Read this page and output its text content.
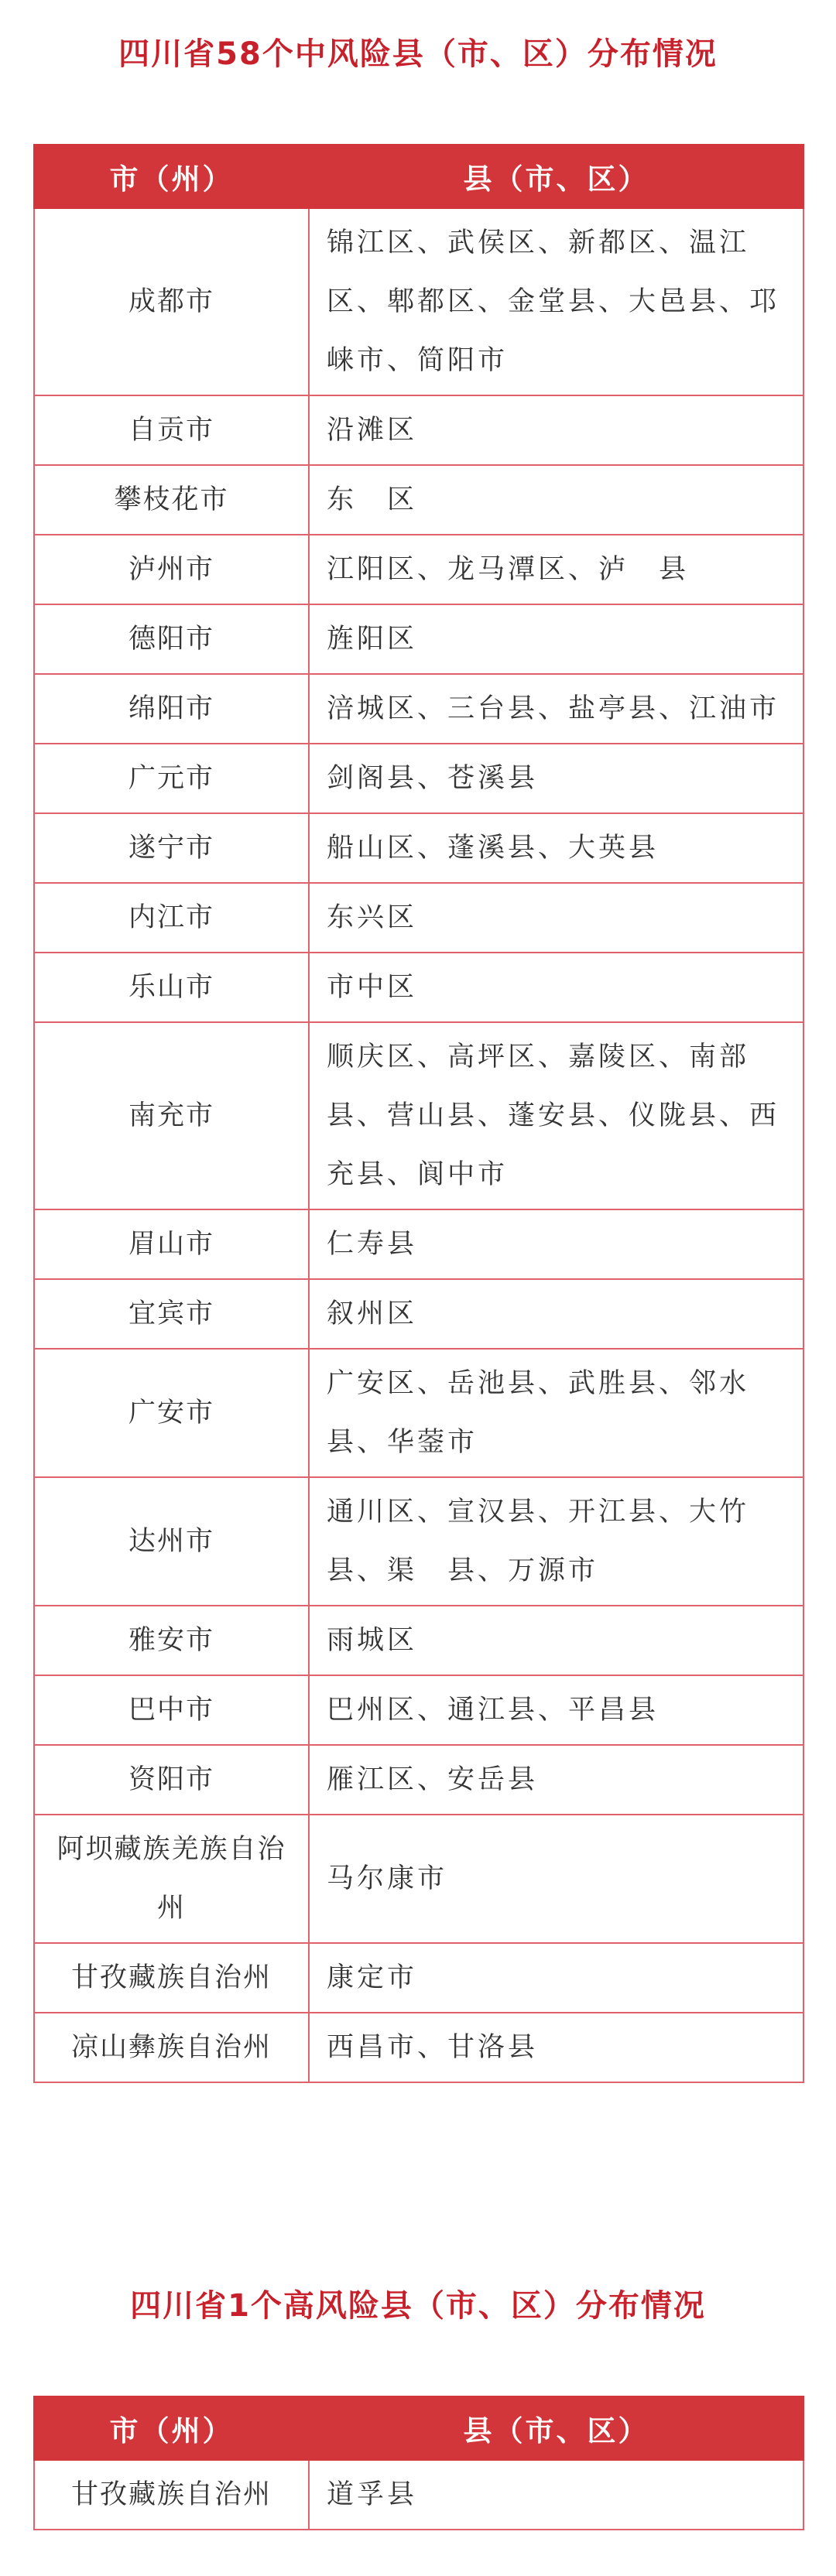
四川省58个中风险县（市、区）分布情况
市（州）	县（市、区）
成都市	锦江区、武侯区、新都区、温江区、郫都区、金堂县、大邑县、邛崃市、简阳市
自贡市	沿滩区
攀枝花市	东　区
泸州市	江阳区、龙马潭区、泸　县
德阳市	旌阳区
绵阳市	涪城区、三台县、盐亭县、江油市
广元市	剑阁县、苍溪县
遂宁市	船山区、蓬溪县、大英县
内江市	东兴区
乐山市	市中区
南充市	顺庆区、高坪区、嘉陵区、南部县、营山县、蓬安县、仪陇县、西充县、阆中市
眉山市	仁寿县
宜宾市	叙州区
广安市	广安区、岳池县、武胜县、邻水县、华蓥市
达州市	通川区、宣汉县、开江县、大竹县、渠　县、万源市
雅安市	雨城区
巴中市	巴州区、通江县、平昌县
资阳市	雁江区、安岳县
阿坝藏族羌族自治州	马尔康市
甘孜藏族自治州	康定市
凉山彝族自治州	西昌市、甘洛县
四川省1个高风险县（市、区）分布情况
市（州）	县（市、区）
甘孜藏族自治州	道孚县
